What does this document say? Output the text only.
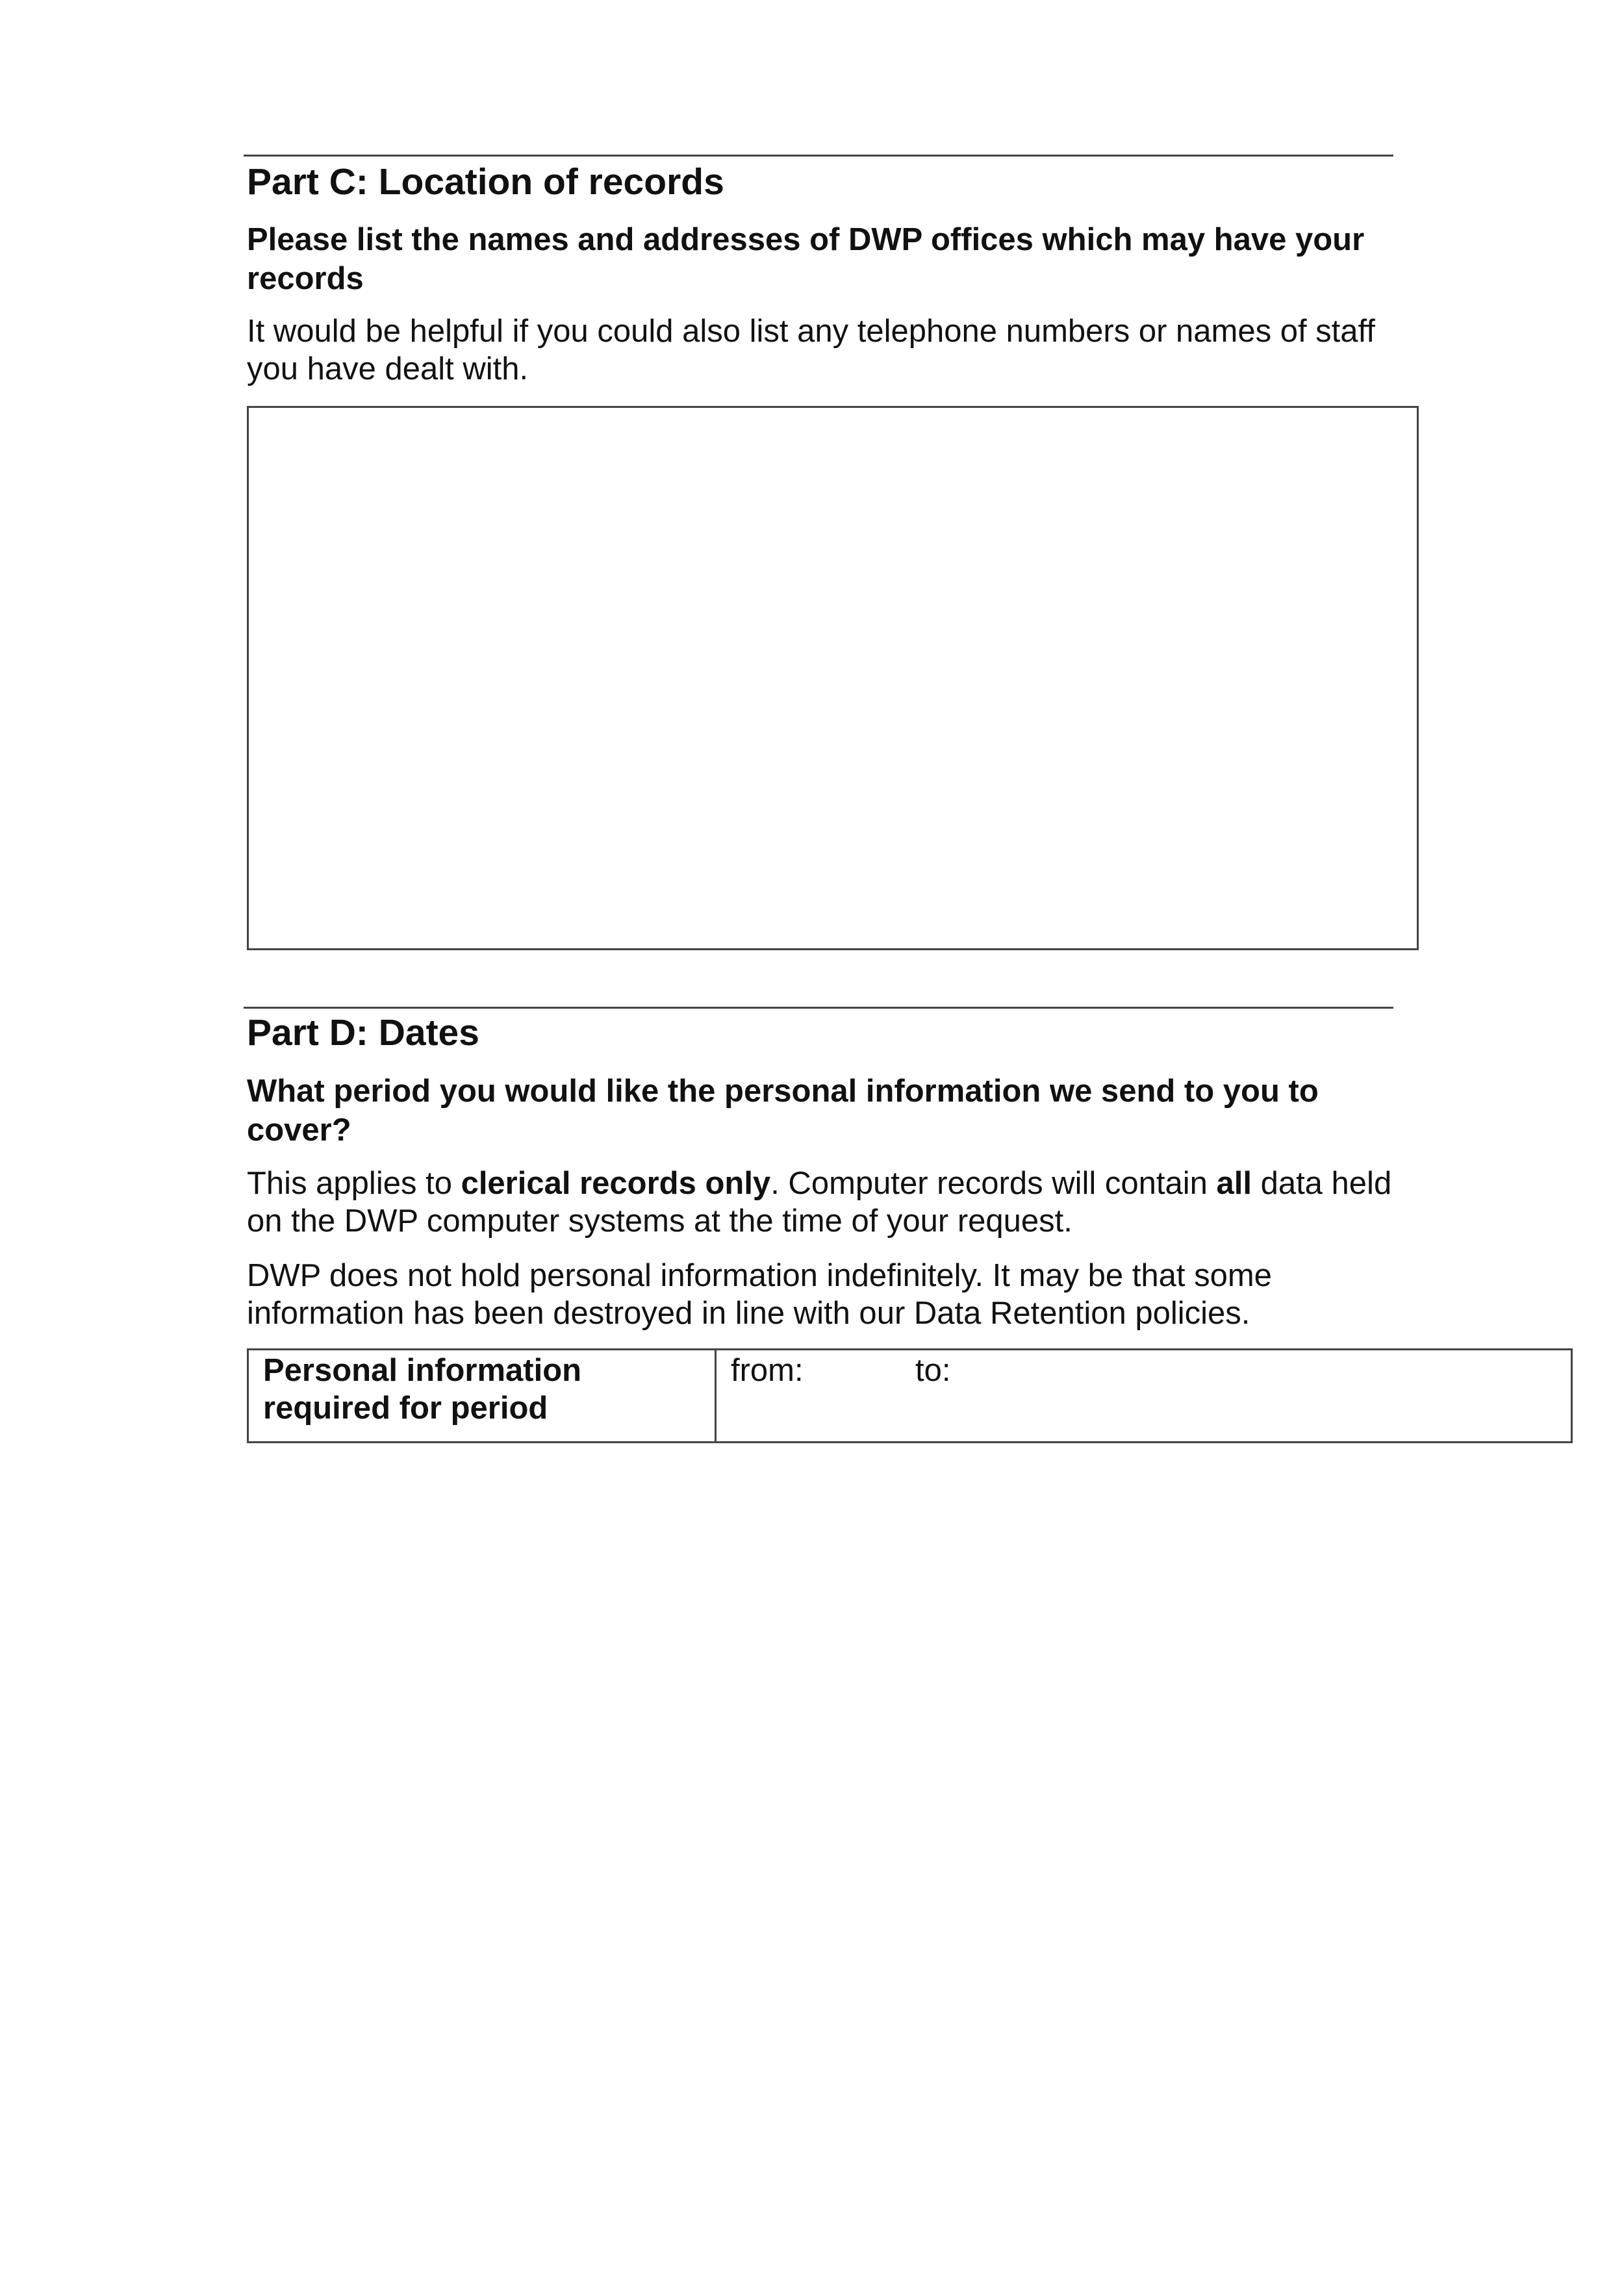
Part C: Location of records

Please list the names and addresses of DWP offices which may have your records

It would be helpful if you could also list any telephone numbers or names of staff you have dealt with.

Part D: Dates

What period you would like the personal information we send to you to cover?

This applies to clerical records only. Computer records will contain all data held on the DWP computer systems at the time of your request.

DWP does not hold personal information indefinitely. It may be that some information has been destroyed in line with our Data Retention policies.

Personal information required for period
from:	to:
